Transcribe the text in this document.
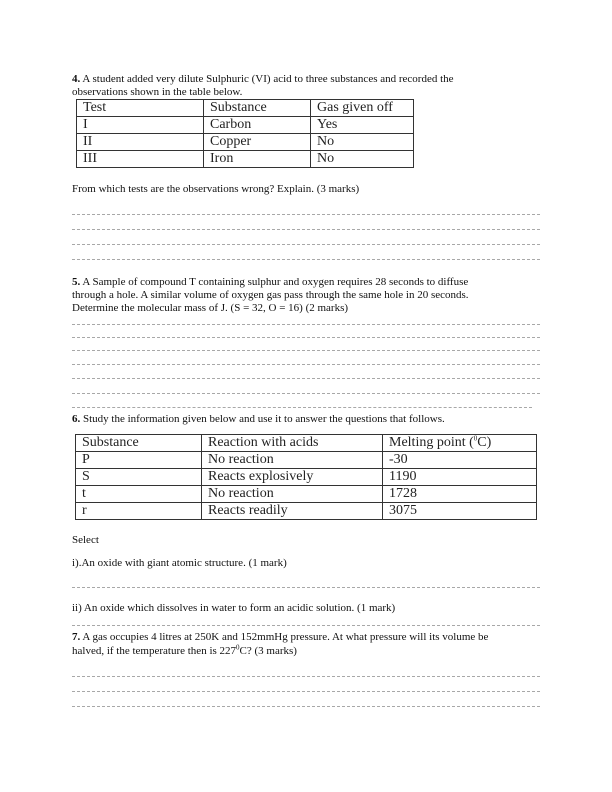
4. A student added very dilute Sulphuric (VI) acid to three substances and recorded the
observations shown in the table below.
Test	Substance	Gas given off
I	Carbon	Yes
II	Copper	No
III	Iron	No
From which tests are the observations wrong? Explain. (3 marks)
5. A Sample of compound T containing sulphur and oxygen requires 28 seconds to diffuse
through a hole. A similar volume of oxygen gas pass through the same hole in 20 seconds.
Determine the molecular mass of J. (S = 32, O = 16) (2 marks)
6. Study the information given below and use it to answer the questions that follows.
Substance	Reaction with acids	Melting point ($^0$C)
P	No reaction	-30
S	Reacts explosively	1190
t	No reaction	1728
r	Reacts readily	3075
Select
i).An oxide with giant atomic structure. (1 mark)
ii) An oxide which dissolves in water to form an acidic solution. (1 mark)
7. A gas occupies 4 litres at 250K and 152mmHg pressure. At what pressure will its volume be
halved, if the temperature then is $227^0C$? (3 marks)
